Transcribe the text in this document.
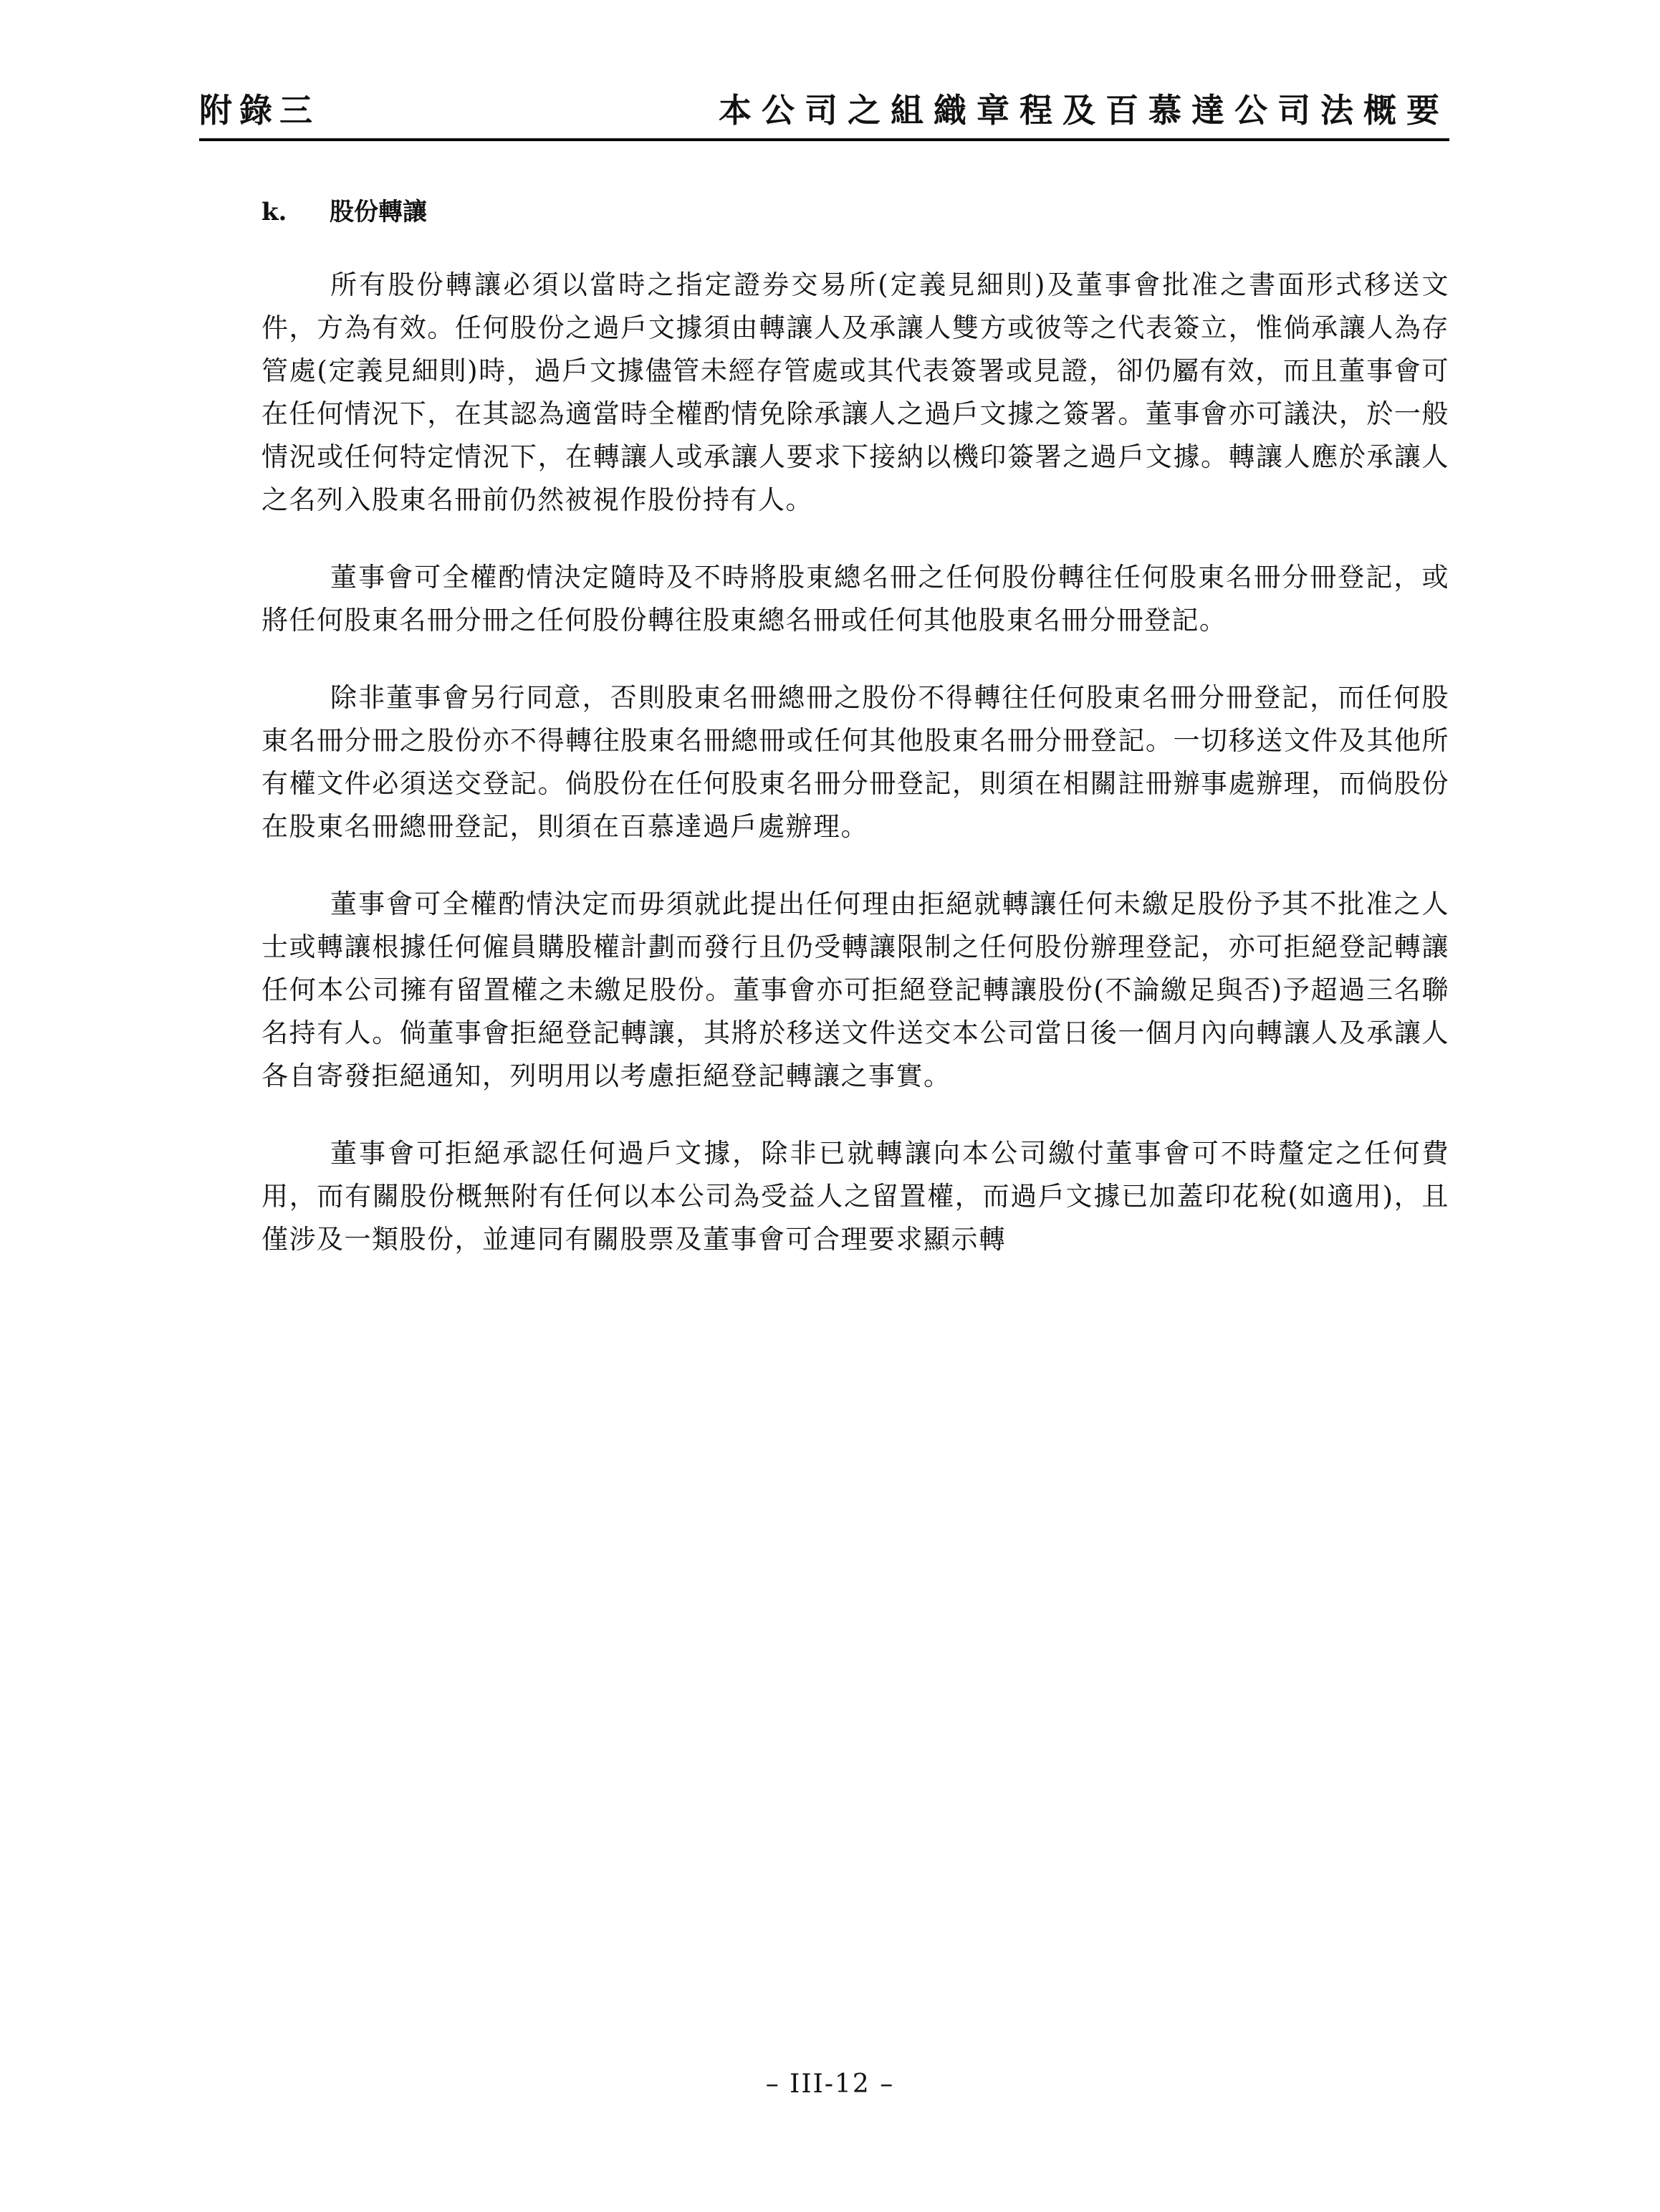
附錄三	本公司之組織章程及百慕達公司法概要
k. 股份轉讓

所有股份轉讓必須以當時之指定證券交易所(定義見細則)及董事會批准之書面形式移送文件，方為有效。任何股份之過戶文據須由轉讓人及承讓人雙方或彼等之代表簽立，惟倘承讓人為存管處(定義見細則)時，過戶文據儘管未經存管處或其代表簽署或見證，卻仍屬有效，而且董事會可在任何情況下，在其認為適當時全權酌情免除承讓人之過戶文據之簽署。董事會亦可議決，於一般情況或任何特定情況下，在轉讓人或承讓人要求下接納以機印簽署之過戶文據。轉讓人應於承讓人之名列入股東名冊前仍然被視作股份持有人。

董事會可全權酌情決定隨時及不時將股東總名冊之任何股份轉往任何股東名冊分冊登記，或將任何股東名冊分冊之任何股份轉往股東總名冊或任何其他股東名冊分冊登記。

除非董事會另行同意，否則股東名冊總冊之股份不得轉往任何股東名冊分冊登記，而任何股東名冊分冊之股份亦不得轉往股東名冊總冊或任何其他股東名冊分冊登記。一切移送文件及其他所有權文件必須送交登記。倘股份在任何股東名冊分冊登記，則須在相關註冊辦事處辦理，而倘股份在股東名冊總冊登記，則須在百慕達過戶處辦理。

董事會可全權酌情決定而毋須就此提出任何理由拒絕就轉讓任何未繳足股份予其不批准之人士或轉讓根據任何僱員購股權計劃而發行且仍受轉讓限制之任何股份辦理登記，亦可拒絕登記轉讓任何本公司擁有留置權之未繳足股份。董事會亦可拒絕登記轉讓股份(不論繳足與否)予超過三名聯名持有人。倘董事會拒絕登記轉讓，其將於移送文件送交本公司當日後一個月內向轉讓人及承讓人各自寄發拒絕通知，列明用以考慮拒絕登記轉讓之事實。

董事會可拒絕承認任何過戶文據，除非已就轉讓向本公司繳付董事會可不時釐定之任何費用，而有關股份概無附有任何以本公司為受益人之留置權，而過戶文據已加蓋印花稅(如適用)，且僅涉及一類股份，並連同有關股票及董事會可合理要求顯示轉

– III-12 –
